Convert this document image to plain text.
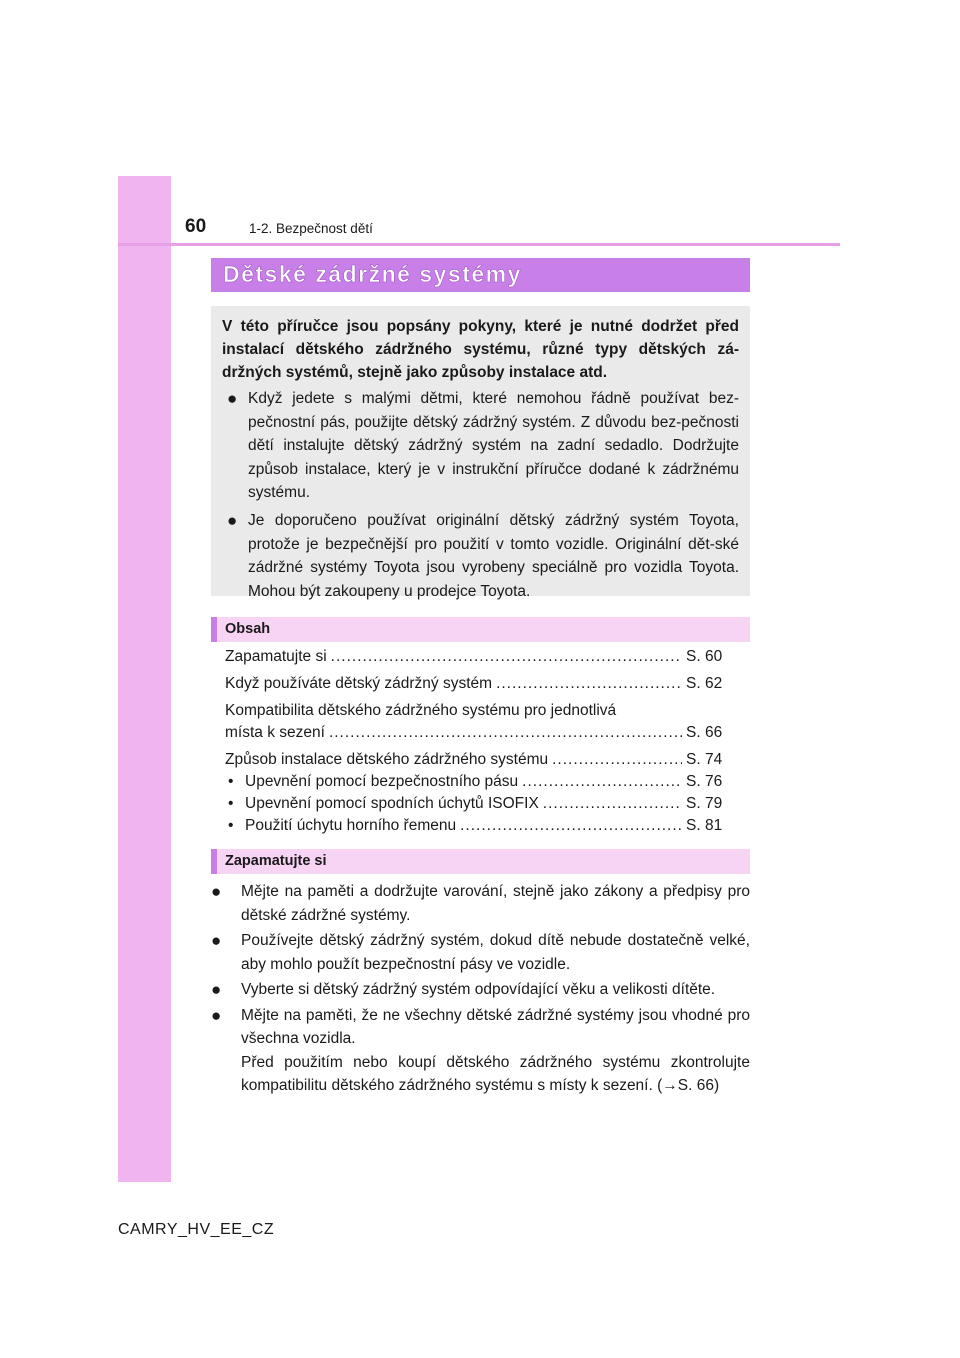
60	1-2. Bezpečnost dětí
Dětské zádržné systémy
V této příručce jsou popsány pokyny, které je nutné dodržet před instalací dětského zádržného systému, různé typy dětských zá-držných systémů, stejně jako způsoby instalace atd.
● Když jedete s malými dětmi, které nemohou řádně používat bez-pečnostní pás, použijte dětský zádržný systém. Z důvodu bez-pečnosti dětí instalujte dětský zádržný systém na zadní sedadlo. Dodržujte způsob instalace, který je v instrukční příručce dodané k zádržnému systému.
● Je doporučeno používat originální dětský zádržný systém Toyota, protože je bezpečnější pro použití v tomto vozidle. Originální dět-ské zádržné systémy Toyota jsou vyrobeny speciálně pro vozidla Toyota. Mohou být zakoupeny u prodejce Toyota.
Obsah
Zapamatujte si .....	S. 60
Když používáte dětský zádržný systém .....	S. 62
Kompatibilita dětského zádržného systému pro jednotlivá
místa k sezení .....	S. 66
Způsob instalace dětského zádržného systému .....	S. 74
• Upevnění pomocí bezpečnostního pásu .....	S. 76
• Upevnění pomocí spodních úchytů ISOFIX .....	S. 79
• Použití úchytu horního řemenu .....	S. 81
Zapamatujte si
● Mějte na paměti a dodržujte varování, stejně jako zákony a předpisy pro dětské zádržné systémy.
● Používejte dětský zádržný systém, dokud dítě nebude dostatečně velké, aby mohlo použít bezpečnostní pásy ve vozidle.
● Vyberte si dětský zádržný systém odpovídající věku a velikosti dítěte.
● Mějte na paměti, že ne všechny dětské zádržné systémy jsou vhodné pro všechna vozidla.
Před použitím nebo koupí dětského zádržného systému zkontrolujte kompatibilitu dětského zádržného systému s místy k sezení. (→S. 66)
CAMRY_HV_EE_CZ
